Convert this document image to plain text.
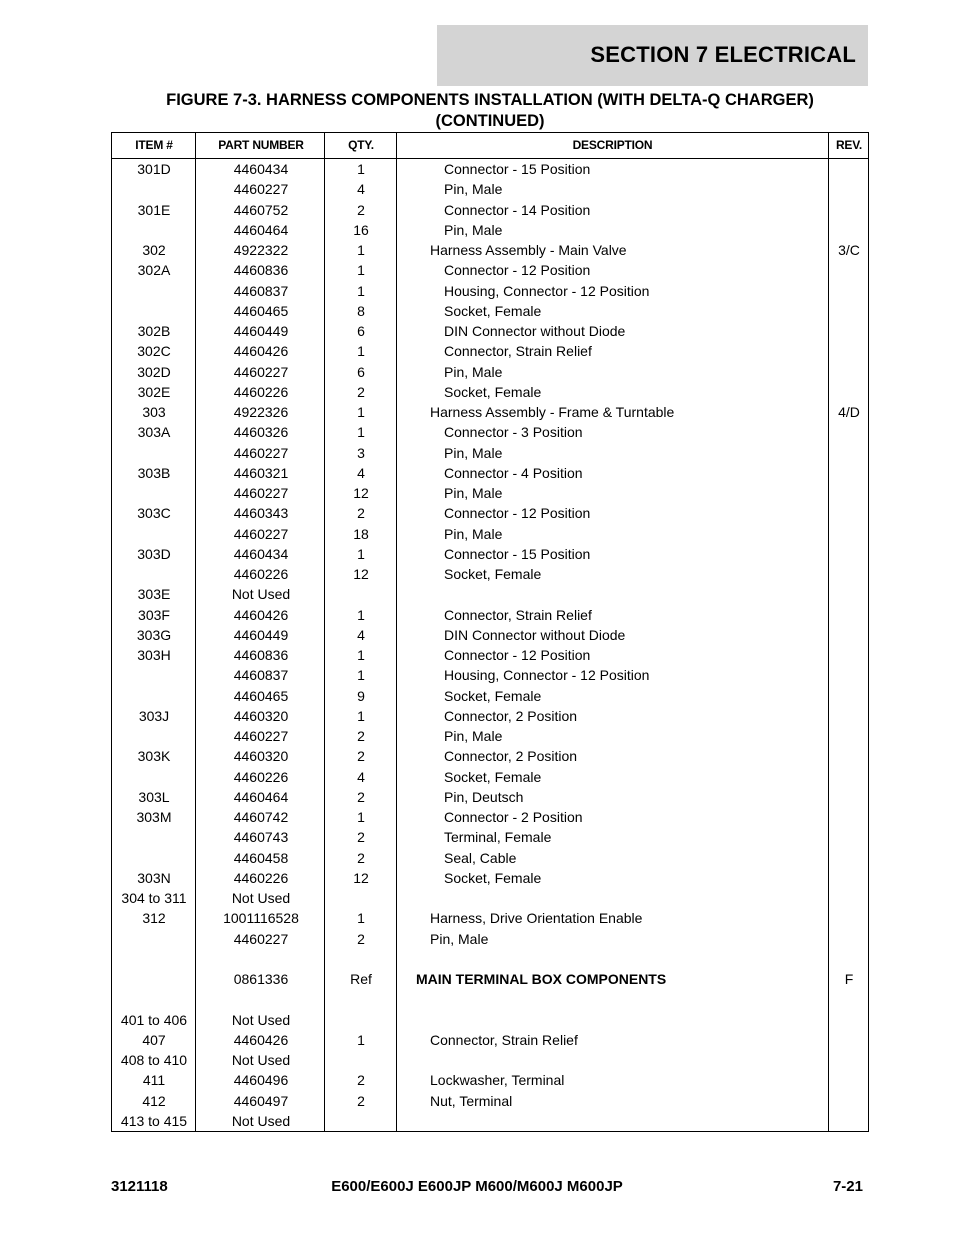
SECTION 7 ELECTRICAL
FIGURE 7-3. HARNESS COMPONENTS INSTALLATION (WITH DELTA-Q CHARGER)
(CONTINUED)
ITEM #	PART NUMBER	QTY.	DESCRIPTION	REV.
301D	4460434	1	Connector - 15 Position
4460227	4	Pin, Male
301E	4460752	2	Connector - 14 Position
4460464	16	Pin, Male
302	4922322	1	Harness Assembly - Main Valve	3/C
302A	4460836	1	Connector - 12 Position
4460837	1	Housing, Connector - 12 Position
4460465	8	Socket, Female
302B	4460449	6	DIN Connector without Diode
302C	4460426	1	Connector, Strain Relief
302D	4460227	6	Pin, Male
302E	4460226	2	Socket, Female
303	4922326	1	Harness Assembly - Frame & Turntable	4/D
303A	4460326	1	Connector - 3 Position
4460227	3	Pin, Male
303B	4460321	4	Connector - 4 Position
4460227	12	Pin, Male
303C	4460343	2	Connector - 12 Position
4460227	18	Pin, Male
303D	4460434	1	Connector - 15 Position
4460226	12	Socket, Female
303E	Not Used
303F	4460426	1	Connector, Strain Relief
303G	4460449	4	DIN Connector without Diode
303H	4460836	1	Connector - 12 Position
4460837	1	Housing, Connector - 12 Position
4460465	9	Socket, Female
303J	4460320	1	Connector, 2 Position
4460227	2	Pin, Male
303K	4460320	2	Connector, 2 Position
4460226	4	Socket, Female
303L	4460464	2	Pin, Deutsch
303M	4460742	1	Connector - 2 Position
4460743	2	Terminal, Female
4460458	2	Seal, Cable
303N	4460226	12	Socket, Female
304 to 311	Not Used
312	1001116528	1	Harness, Drive Orientation Enable
4460227	2	Pin, Male
0861336	Ref	MAIN TERMINAL BOX COMPONENTS	F
401 to 406	Not Used
407	4460426	1	Connector, Strain Relief
408 to 410	Not Used
411	4460496	2	Lockwasher, Terminal
412	4460497	2	Nut, Terminal
413 to 415	Not Used
3121118	E600/E600J E600JP M600/M600J M600JP	7-21
